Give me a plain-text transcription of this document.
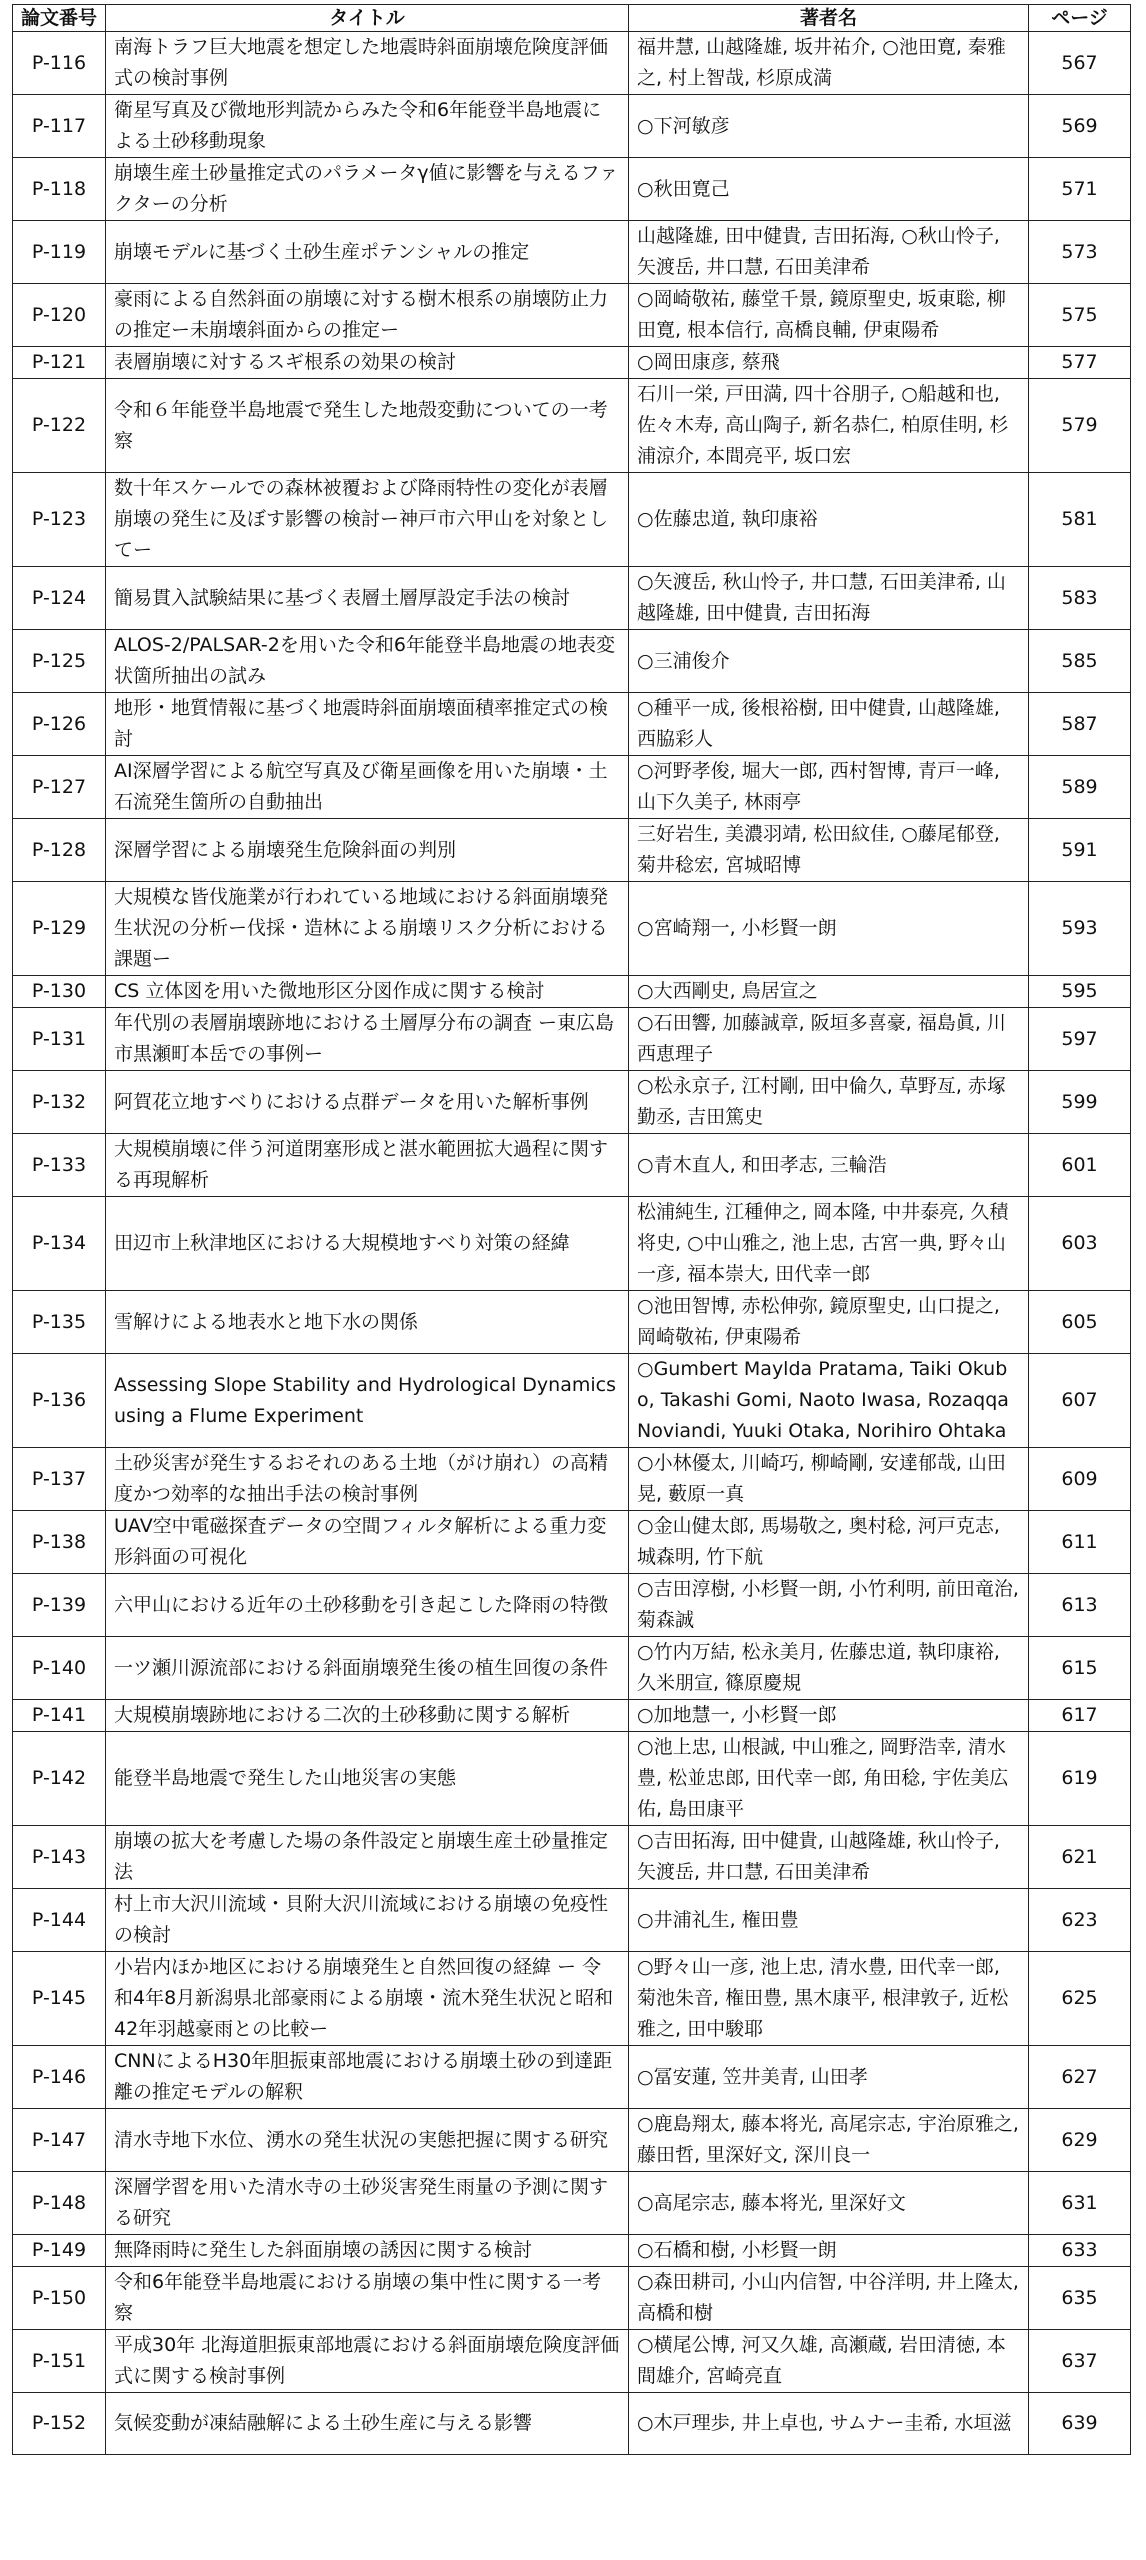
論文番号	タイトル	著者名	ページ
P-116	南海トラフ巨大地震を想定した地震時斜面崩壊危険度評価式の検討事例	福井慧, 山越隆雄, 坂井祐介, ○池田寛, 秦雅之, 村上智哉, 杉原成満	567
P-117	衛星写真及び微地形判読からみた令和6年能登半島地震による土砂移動現象	○下河敏彦	569
P-118	崩壊生産土砂量推定式のパラメータγ値に影響を与えるファクターの分析	○秋田寛己	571
P-119	崩壊モデルに基づく土砂生産ポテンシャルの推定	山越隆雄, 田中健貴, 吉田拓海, ○秋山怜子, 矢渡岳, 井口慧, 石田美津希	573
P-120	豪雨による自然斜面の崩壊に対する樹木根系の崩壊防止力の推定ー未崩壊斜面からの推定ー	○岡崎敬祐, 藤堂千景, 鏡原聖史, 坂東聡, 柳田寛, 根本信行, 高橋良輔, 伊東陽希	575
P-121	表層崩壊に対するスギ根系の効果の検討	○岡田康彦, 蔡飛	577
P-122	令和６年能登半島地震で発生した地殻変動についての一考察	石川一栄, 戸田満, 四十谷朋子, ○船越和也, 佐々木寿, 高山陶子, 新名恭仁, 柏原佳明, 杉浦涼介, 本間亮平, 坂口宏	579
P-123	数十年スケールでの森林被覆および降雨特性の変化が表層崩壊の発生に及ぼす影響の検討ー神戸市六甲山を対象としてー	○佐藤忠道, 執印康裕	581
P-124	簡易貫入試験結果に基づく表層土層厚設定手法の検討	○矢渡岳, 秋山怜子, 井口慧, 石田美津希, 山越隆雄, 田中健貴, 吉田拓海	583
P-125	ALOS-2/PALSAR-2を用いた令和6年能登半島地震の地表変状箇所抽出の試み	○三浦俊介	585
P-126	地形・地質情報に基づく地震時斜面崩壊面積率推定式の検討	○種平一成, 後根裕樹, 田中健貴, 山越隆雄, 西脇彩人	587
P-127	AI深層学習による航空写真及び衛星画像を用いた崩壊・土石流発生箇所の自動抽出	○河野孝俊, 堀大一郎, 西村智博, 青戸一峰, 山下久美子, 林雨亭	589
P-128	深層学習による崩壊発生危険斜面の判別	三好岩生, 美濃羽靖, 松田紋佳, ○藤尾郁登, 菊井稔宏, 宮城昭博	591
P-129	大規模な皆伐施業が行われている地域における斜面崩壊発生状況の分析ー伐採・造林による崩壊リスク分析における課題ー	○宮崎翔一, 小杉賢一朗	593
P-130	CS 立体図を用いた微地形区分図作成に関する検討	○大西剛史, 鳥居宣之	595
P-131	年代別の表層崩壊跡地における土層厚分布の調査 ー東広島市黒瀬町本岳での事例ー	○石田響, 加藤誠章, 阪垣多喜豪, 福島眞, 川西恵理子	597
P-132	阿賀花立地すべりにおける点群データを用いた解析事例	○松永京子, 江村剛, 田中倫久, 草野亙, 赤塚勤丞, 吉田篤史	599
P-133	大規模崩壊に伴う河道閉塞形成と湛水範囲拡大過程に関する再現解析	○青木直人, 和田孝志, 三輪浩	601
P-134	田辺市上秋津地区における大規模地すべり対策の経緯	松浦純生, 江種伸之, 岡本隆, 中井泰亮, 久積将史, ○中山雅之, 池上忠, 古宮一典, 野々山一彦, 福本崇大, 田代幸一郎	603
P-135	雪解けによる地表水と地下水の関係	○池田智博, 赤松伸弥, 鏡原聖史, 山口提之, 岡崎敬祐, 伊東陽希	605
P-136	Assessing Slope Stability and Hydrological Dynamics using a Flume Experiment	○Gumbert Maylda Pratama, Taiki Okubo, Takashi Gomi, Naoto Iwasa, Rozaqqa Noviandi, Yuuki Otaka, Norihiro Ohtaka	607
P-137	土砂災害が発生するおそれのある土地（がけ崩れ）の高精度かつ効率的な抽出手法の検討事例	○小林優太, 川崎巧, 柳崎剛, 安達郁哉, 山田晃, 藪原一真	609
P-138	UAV空中電磁探査データの空間フィルタ解析による重力変形斜面の可視化	○金山健太郎, 馬場敬之, 奥村稔, 河戸克志, 城森明, 竹下航	611
P-139	六甲山における近年の土砂移動を引き起こした降雨の特徴	○吉田淳樹, 小杉賢一朗, 小竹利明, 前田竜治, 菊森誠	613
P-140	一ツ瀬川源流部における斜面崩壊発生後の植生回復の条件	○竹内万結, 松永美月, 佐藤忠道, 執印康裕, 久米朋宣, 篠原慶規	615
P-141	大規模崩壊跡地における二次的土砂移動に関する解析	○加地慧一, 小杉賢一郎	617
P-142	能登半島地震で発生した山地災害の実態	○池上忠, 山根誠, 中山雅之, 岡野浩幸, 清水豊, 松並忠郎, 田代幸一郎, 角田稔, 宇佐美広佑, 島田康平	619
P-143	崩壊の拡大を考慮した場の条件設定と崩壊生産土砂量推定法	○吉田拓海, 田中健貴, 山越隆雄, 秋山怜子, 矢渡岳, 井口慧, 石田美津希	621
P-144	村上市大沢川流域・貝附大沢川流域における崩壊の免疫性の検討	○井浦礼生, 権田豊	623
P-145	小岩内ほか地区における崩壊発生と自然回復の経緯 ー 令和4年8月新潟県北部豪雨による崩壊・流木発生状況と昭和42年羽越豪雨との比較ー	○野々山一彦, 池上忠, 清水豊, 田代幸一郎, 菊池朱音, 権田豊, 黒木康平, 根津敦子, 近松雅之, 田中駿耶	625
P-146	CNNによるH30年胆振東部地震における崩壊土砂の到達距離の推定モデルの解釈	○冨安蓮, 笠井美青, 山田孝	627
P-147	清水寺地下水位、湧水の発生状況の実態把握に関する研究	○鹿島翔太, 藤本将光, 高尾宗志, 宇治原雅之, 藤田哲, 里深好文, 深川良一	629
P-148	深層学習を用いた清水寺の土砂災害発生雨量の予測に関する研究	○高尾宗志, 藤本将光, 里深好文	631
P-149	無降雨時に発生した斜面崩壊の誘因に関する検討	○石橋和樹, 小杉賢一朗	633
P-150	令和6年能登半島地震における崩壊の集中性に関する一考察	○森田耕司, 小山内信智, 中谷洋明, 井上隆太, 高橋和樹	635
P-151	平成30年 北海道胆振東部地震における斜面崩壊危険度評価式に関する検討事例	○横尾公博, 河又久雄, 高瀬蔵, 岩田清徳, 本間雄介, 宮崎亮直	637
P-152	気候変動が凍結融解による土砂生産に与える影響	○木戸理歩, 井上卓也, サムナー圭希, 水垣滋	639
